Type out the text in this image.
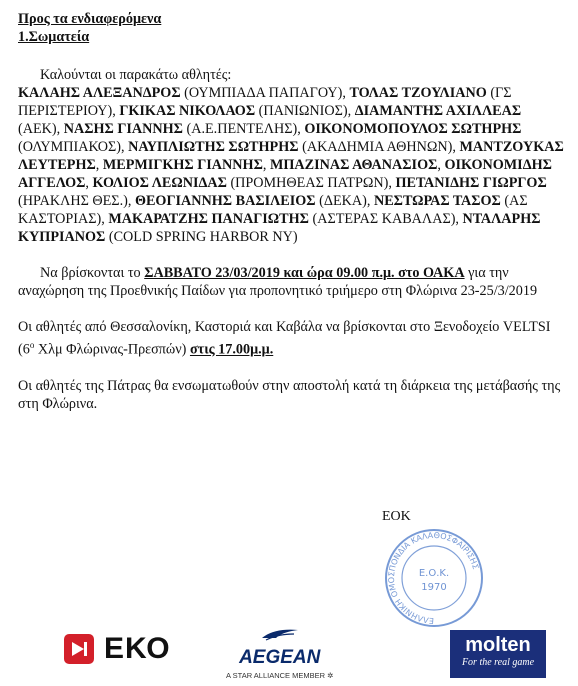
Προς τα ενδιαφερόμενα
1.Σωματεία

Καλούνται οι παρακάτω αθλητές:

ΚΑΛΑΗΣ ΑΛΕΞΑΝΔΡΟΣ (ΟΥΜΠΙΑΔΑ ΠΑΠΑΓΟΥ), ΤΟΛΑΣ ΤΖΟΥΛΙΑΝΟ (ΓΣ ΠΕΡΙΣΤΕΡΙΟΥ), ΓΚΙΚΑΣ ΝΙΚΟΛΑΟΣ (ΠΑΝΙΩΝΙΟΣ), ΔΙΑΜΑΝΤΗΣ ΑΧΙΛΛΕΑΣ (ΑΕΚ), ΝΑΣΗΣ ΓΙΑΝΝΗΣ (Α.Ε.ΠΕΝΤΕΛΗΣ), ΟΙΚΟΝΟΜΟΠΟΥΛΟΣ ΣΩΤΗΡΗΣ (ΟΛΥΜΠΙΑΚΟΣ), ΝΑΥΠΛΙΩΤΗΣ ΣΩΤΗΡΗΣ (ΑΚΑΔΗΜΙΑ ΑΘΗΝΩΝ), ΜΑΝΤΖΟΥΚΑΣ ΛΕΥΤΕΡΗΣ, ΜΕΡΜΙΓΚΗΣ ΓΙΑΝΝΗΣ, ΜΠΑΖΙΝΑΣ ΑΘΑΝΑΣΙΟΣ, ΟΙΚΟΝΟΜΙΔΗΣ ΑΓΓΕΛΟΣ, ΚΟΛΙΟΣ ΛΕΩΝΙΔΑΣ (ΠΡΟΜΗΘΕΑΣ ΠΑΤΡΩΝ), ΠΕΤΑΝΙΔΗΣ ΓΙΩΡΓΟΣ (ΗΡΑΚΛΗΣ ΘΕΣ.), ΘΕΟΓΙΑΝΝΗΣ ΒΑΣΙΛΕΙΟΣ (ΔΕΚΑ), ΝΕΣΤΩΡΑΣ ΤΑΣΟΣ (ΑΣ ΚΑΣΤΟΡΙΑΣ), ΜΑΚΑΡΑΤΖΗΣ ΠΑΝΑΓΙΩΤΗΣ (ΑΣΤΕΡΑΣ ΚΑΒΑΛΑΣ), ΝΤΑΛΑΡΗΣ ΚΥΠΡΙΑΝΟΣ (COLD SPRING HARBOR NY)

Να βρίσκονται το ΣΑΒΒΑΤΟ 23/03/2019 και ώρα 09.00 π.μ. στο ΟΑΚΑ για την αναχώρηση της Προεθνικής Παίδων για προπονητικό τριήμερο στη Φλώρινα 23-25/3/2019

Οι αθλητές από Θεσσαλονίκη, Καστοριά και Καβάλα να βρίσκονται στο Ξενοδοχείο VELTSI ($6^o$ Χλμ Φλώρινας-Πρεσπών) στις 17.00μ.μ.

Οι αθλητές της Πάτρας θα ενσωματωθούν στην αποστολή κατά τη διάρκεια της μετάβασής της στη Φλώρινα.

ΕΟΚ
ΕΛΛΗΝΙΚΗ ΟΜΟΣΠΟΝΔΙΑ ΚΑΛΑΘΟΣΦΑΙΡΙΣΗΣ
Ε.Ο.Κ.
1970
ΕΚΟ	AEGEAN
A STAR ALLIANCE MEMBER ✲
molten
For the real game
